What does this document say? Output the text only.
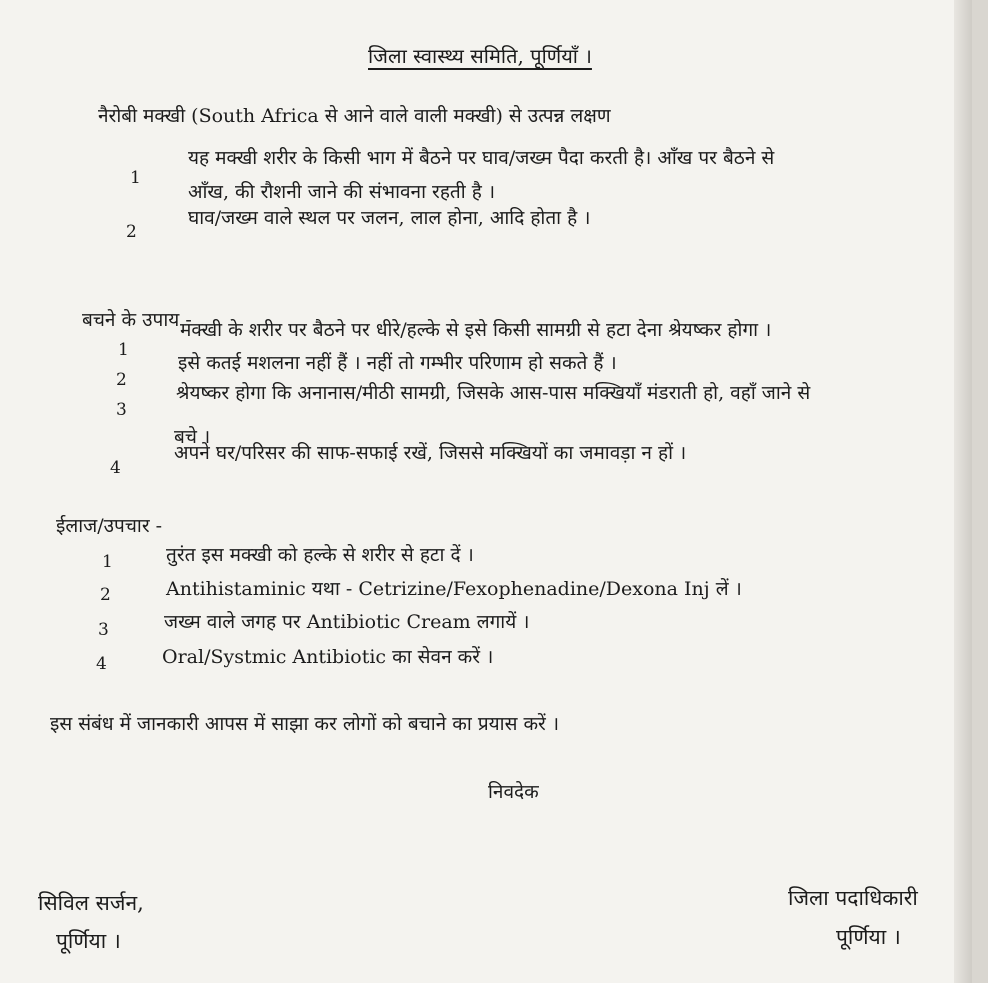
जिला स्वास्थ्य समिति, पूर्णियाँ ।
नैरोबी मक्खी (South Africa से आने वाले वाली मक्खी) से उत्पन्न लक्षण
1
यह मक्खी शरीर के किसी भाग में बैठने पर घाव/जख्म पैदा करती है। आँख पर बैठने से
आँख, की रौशनी जाने की संभावना रहती है ।
2
घाव/जख्म वाले स्थल पर जलन, लाल होना, आदि होता है ।
बचने के उपाय -
1
मक्खी के शरीर पर बैठने पर धीरे/हल्के से इसे किसी सामग्री से हटा देना श्रेयष्कर होगा ।
2
इसे कतई मशलना नहीं हैं । नहीं तो गम्भीर परिणाम हो सकते हैं ।
3
श्रेयष्कर होगा कि अनानास/मीठी सामग्री, जिसके आस-पास मक्खियाँ मंडराती हो, वहाँ जाने से
बचे ।
4
अपने घर/परिसर की साफ-सफाई रखें, जिससे मक्खियों का जमावड़ा न हों ।
ईलाज/उपचार -
1	तुरंत इस मक्खी को हल्के से शरीर से हटा दें ।
2	Antihistaminic यथा - Cetrizine/Fexophenadine/Dexona Inj लें ।
3	जख्म वाले जगह पर Antibiotic Cream लगायें ।
4	Oral/Systmic Antibiotic का सेवन करें ।
इस संबंध में जानकारी आपस में साझा कर लोगों को बचाने का प्रयास करें ।
निवदेक
सिविल सर्जन,
पूर्णिया ।
जिला पदाधिकारी
पूर्णिया ।
